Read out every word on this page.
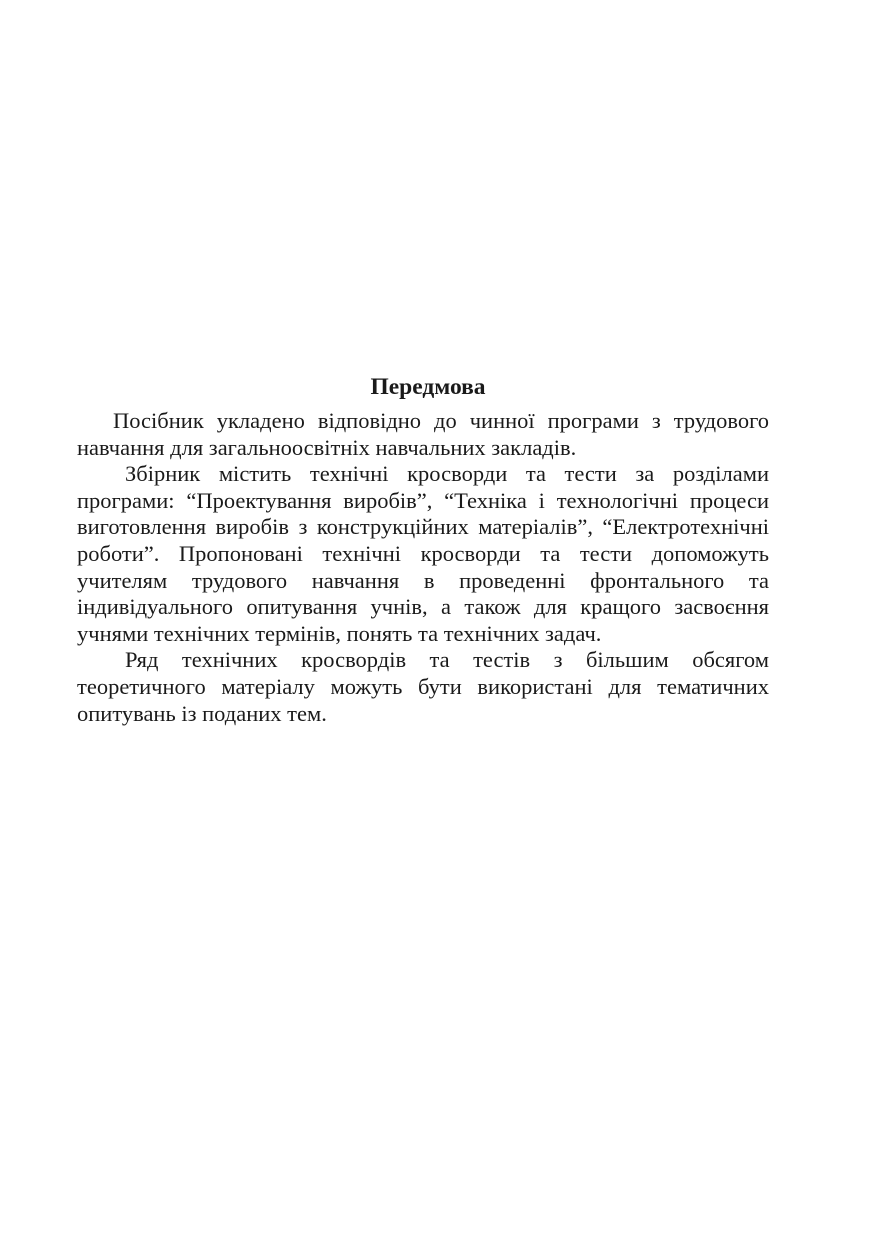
Передмова

Посібник укладено відповідно до чинної програми з трудового навчання для загальноосвітніх навчальних закладів.

Збірник містить технічні кросворди та тести за розділами програми: “Проектування виробів”, “Техніка і технологічні процеси виготовлення виробів з конструкційних матеріалів”, “Електротехнічні роботи”. Пропоновані технічні кросворди та тести допоможуть учителям трудового навчання в проведенні фронтального та індивідуального опитування учнів, а також для кращого засвоєння учнями технічних термінів, понять та технічних задач.

Ряд технічних кросвордів та тестів з більшим обсягом теоретичного матеріалу можуть бути використані для тематичних опитувань із поданих тем.
